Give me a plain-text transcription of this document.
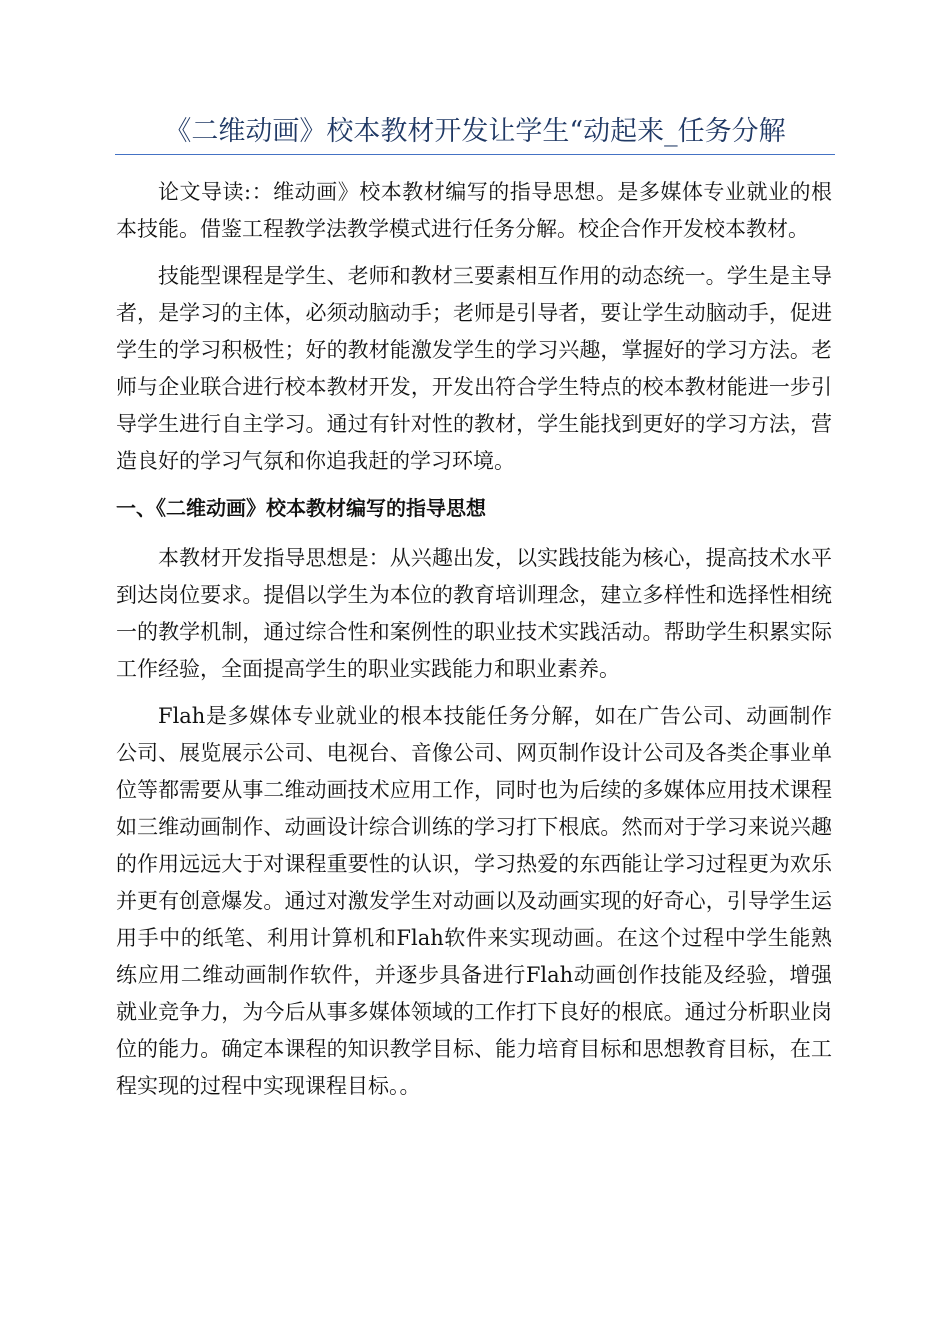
《二维动画》校本教材开发让学生“动起来_任务分解

论文导读:：维动画》校本教材编写的指导思想。是多媒体专业就业的根本技能。借鉴工程教学法教学模式进行任务分解。校企合作开发校本教材。

技能型课程是学生、老师和教材三要素相互作用的动态统一。学生是主导者，是学习的主体，必须动脑动手；老师是引导者，要让学生动脑动手，促进学生的学习积极性；好的教材能激发学生的学习兴趣，掌握好的学习方法。老师与企业联合进行校本教材开发，开发出符合学生特点的校本教材能进一步引导学生进行自主学习。通过有针对性的教材，学生能找到更好的学习方法，营造良好的学习气氛和你追我赶的学习环境。

一、《二维动画》校本教材编写的指导思想

本教材开发指导思想是：从兴趣出发，以实践技能为核心，提高技术水平到达岗位要求。提倡以学生为本位的教育培训理念，建立多样性和选择性相统一的教学机制，通过综合性和案例性的职业技术实践活动。帮助学生积累实际工作经验，全面提高学生的职业实践能力和职业素养。

Flah是多媒体专业就业的根本技能任务分解，如在广告公司、动画制作公司、展览展示公司、电视台、音像公司、网页制作设计公司及各类企事业单位等都需要从事二维动画技术应用工作，同时也为后续的多媒体应用技术课程如三维动画制作、动画设计综合训练的学习打下根底。然而对于学习来说兴趣的作用远远大于对课程重要性的认识，学习热爱的东西能让学习过程更为欢乐并更有创意爆发。通过对激发学生对动画以及动画实现的好奇心，引导学生运用手中的纸笔、利用计算机和Flah软件来实现动画。在这个过程中学生能熟练应用二维动画制作软件，并逐步具备进行Flah动画创作技能及经验，增强就业竞争力，为今后从事多媒体领域的工作打下良好的根底。通过分析职业岗位的能力。确定本课程的知识教学目标、能力培育目标和思想教育目标，在工程实现的过程中实现课程目标。。
